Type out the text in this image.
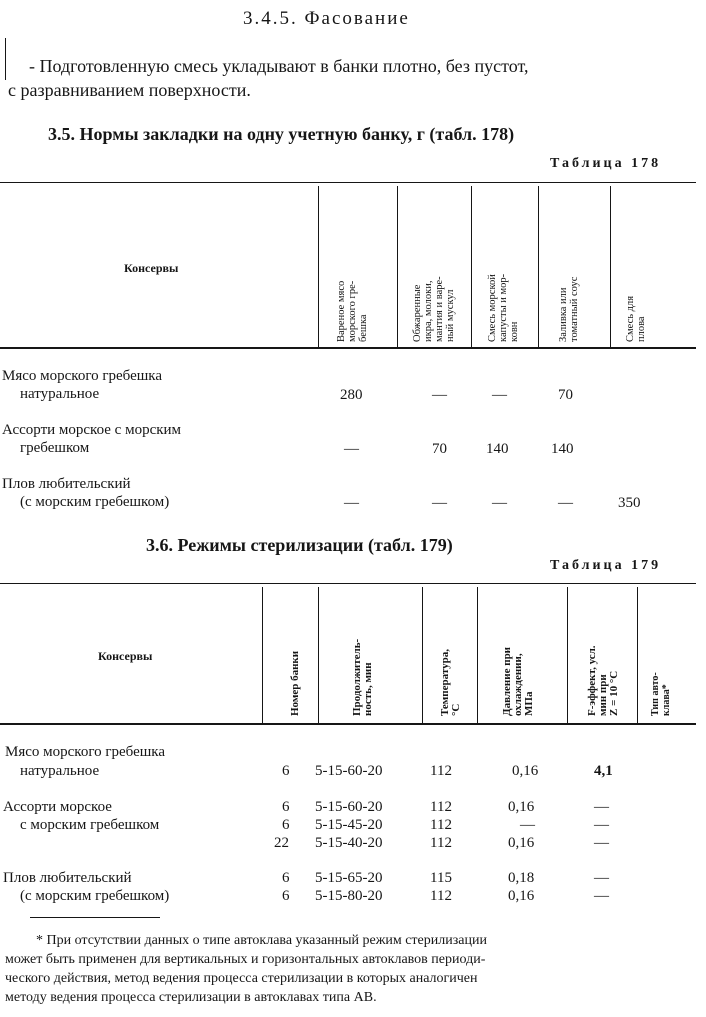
3.4.5. Фасование
- Подготовленную смесь укладывают в банки плотно, без пустот,
с разравниванием поверхности.
3.5. Нормы закладки на одну учетную банку, г (табл. 178)
Таблица 178
Консервы
Вареное мясо морского гре- бешка	Обжаренные икра, молоки, мантия и варе- ный мускул	Смесь морской капусты и мор- ковн	Заливка или томатный соус	Смесь для плова
Мясо морского гребешка
натуральное	280	—	—	70
Ассорти морское с морским
гребешком	—	70	140	140
Плов любительский
(с морским гребешком)	—	—	—	—	350
3.6. Режимы стерилизации (табл. 179)
Таблица 179
Консервы	Номер банки	Продолжитель- ность, мин	Температура, °С	Давление при охлаждении, МПа	F-эффект, усл. мин при Z = 10 °С	Тип авто- клава*
Мясо морского гребешка
натуральное	6 5-15-60-20	112	0,16	4,1
Ассорти морское
с морским гребешком
6 5-15-60-20	112	0,16	—
6 5-15-45-20	112	—	—
22 5-15-40-20	112	0,16	—
Плов любительский
(с морским гребешком)
6 5-15-65-20	115	0,18	—
6 5-15-80-20	112	0,16	—
* При отсутствии данных о типе автоклава указанный режим стерилизации
может быть применен для вертикальных и горизонтальных автоклавов периоди-
ческого действия, метод ведения процесса стерилизации в которых аналогичен
методу ведения процесса стерилизации в автоклавах типа АВ.
